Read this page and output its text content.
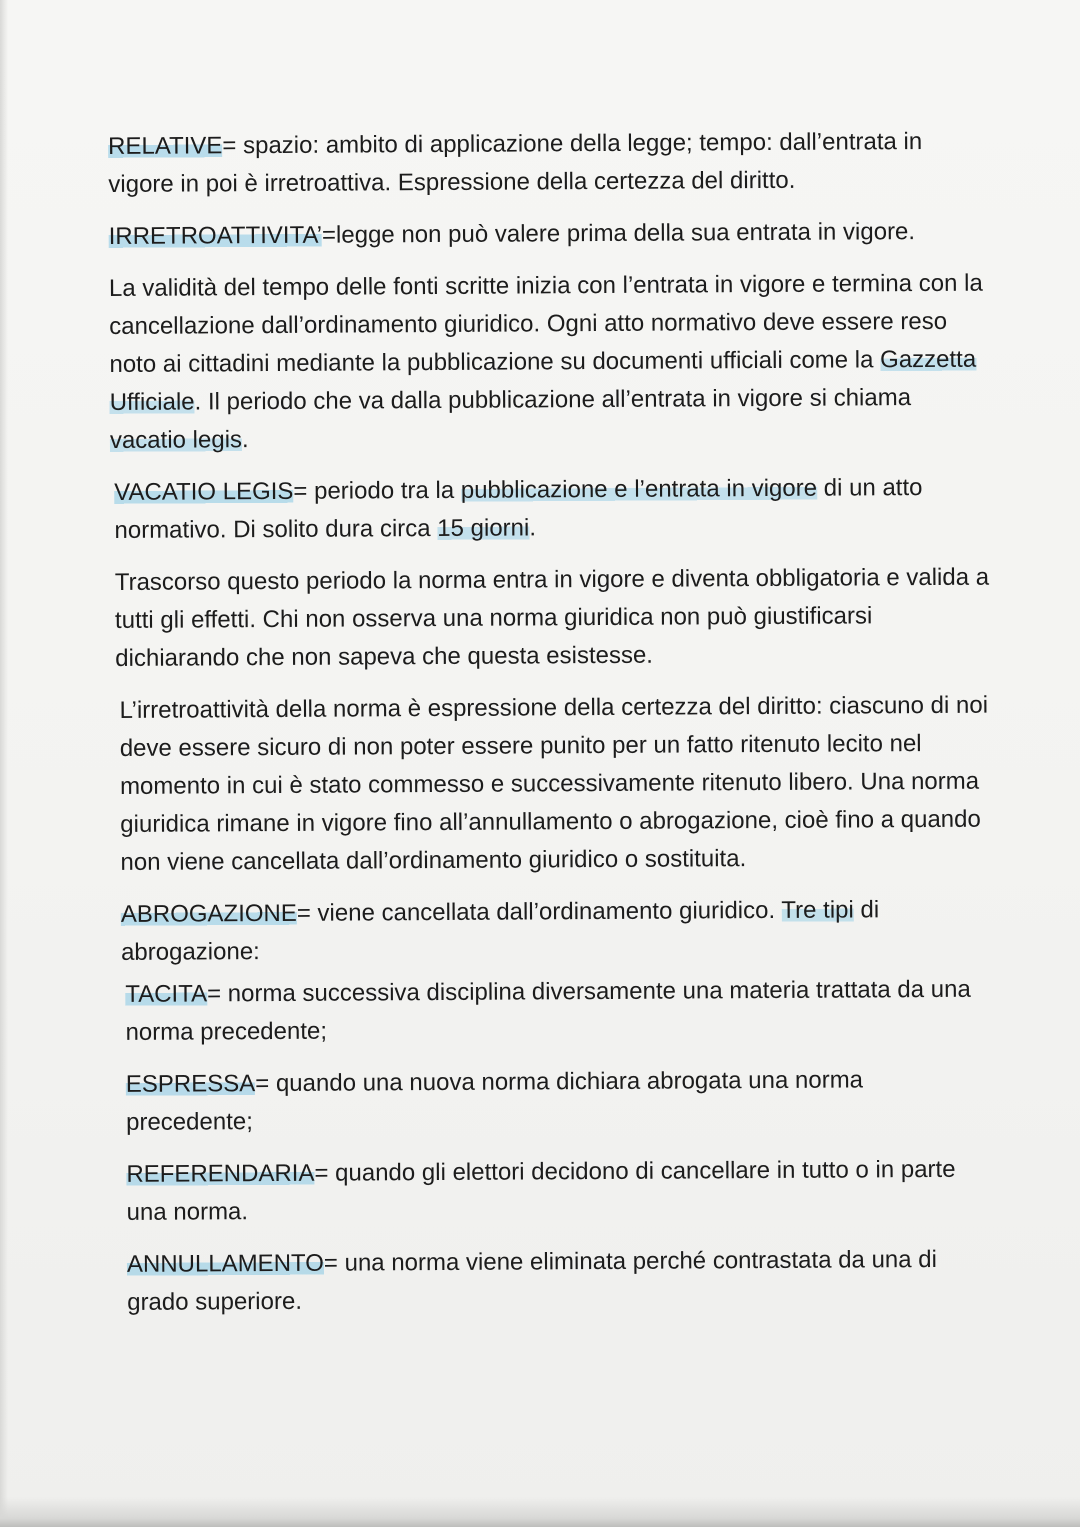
RELATIVE= spazio: ambito di applicazione della legge; tempo: dall’entrata in vigore in poi è irretroattiva. Espressione della certezza del diritto.

IRRETROATTIVITA’=legge non può valere prima della sua entrata in vigore.

La validità del tempo delle fonti scritte inizia con l’entrata in vigore e termina con la cancellazione dall’ordinamento giuridico. Ogni atto normativo deve essere reso noto ai cittadini mediante la pubblicazione su documenti ufficiali come la Gazzetta Ufficiale. Il periodo che va dalla pubblicazione all’entrata in vigore si chiama vacatio legis.

VACATIO LEGIS= periodo tra la pubblicazione e l’entrata in vigore di un atto normativo. Di solito dura circa 15 giorni.

Trascorso questo periodo la norma entra in vigore e diventa obbligatoria e valida a tutti gli effetti. Chi non osserva una norma giuridica non può giustificarsi dichiarando che non sapeva che questa esistesse.

L’irretroattività della norma è espressione della certezza del diritto: ciascuno di noi deve essere sicuro di non poter essere punito per un fatto ritenuto lecito nel momento in cui è stato commesso e successivamente ritenuto libero. Una norma giuridica rimane in vigore fino all’annullamento o abrogazione, cioè fino a quando non viene cancellata dall’ordinamento giuridico o sostituita.

ABROGAZIONE= viene cancellata dall’ordinamento giuridico. Tre tipi di abrogazione:

TACITA= norma successiva disciplina diversamente una materia trattata da una norma precedente;

ESPRESSA= quando una nuova norma dichiara abrogata una norma precedente;

REFERENDARIA= quando gli elettori decidono di cancellare in tutto o in parte una norma.

ANNULLAMENTO= una norma viene eliminata perché contrastata da una di grado superiore.
